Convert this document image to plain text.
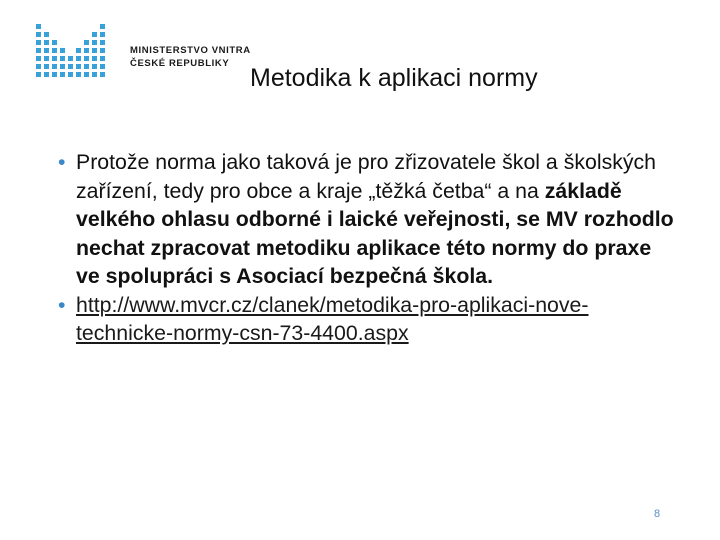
MINISTERSTVO VNITRA
ČESKÉ REPUBLIKY
Metodika k aplikaci normy
• Protože norma jako taková je pro zřizovatele škol a školských zařízení, tedy pro obce a kraje „těžká četba“ a na základě velkého ohlasu odborné i laické veřejnosti, se MV rozhodlo nechat zpracovat metodiku aplikace této normy do praxe ve spolupráci s Asociací bezpečná škola.
• http://www.mvcr.cz/clanek/metodika-pro-aplikaci-nove-technicke-normy-csn-73-4400.aspx
8
